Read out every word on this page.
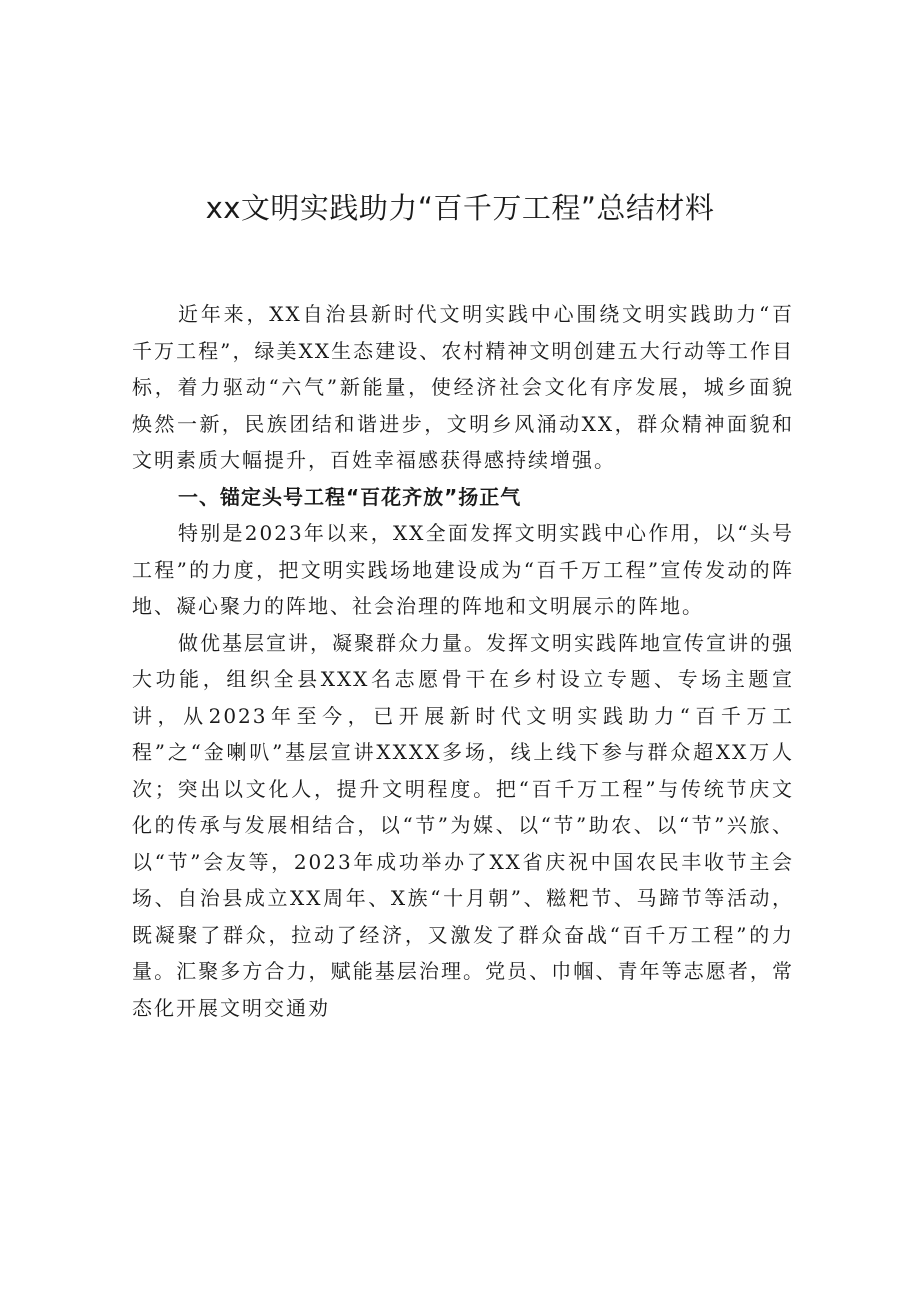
xx文明实践助力“百千万工程”总结材料

近年来，XX自治县新时代文明实践中心围绕文明实践助力“百千万工程”，绿美XX生态建设、农村精神文明创建五大行动等工作目标，着力驱动“六气”新能量，使经济社会文化有序发展，城乡面貌焕然一新，民族团结和谐进步，文明乡风涌动XX，群众精神面貌和文明素质大幅提升，百姓幸福感获得感持续增强。

一、锚定头号工程“百花齐放”扬正气

特别是2023年以来，XX全面发挥文明实践中心作用，以“头号工程”的力度，把文明实践场地建设成为“百千万工程”宣传发动的阵地、凝心聚力的阵地、社会治理的阵地和文明展示的阵地。

做优基层宣讲，凝聚群众力量。发挥文明实践阵地宣传宣讲的强大功能，组织全县XXX名志愿骨干在乡村设立专题、专场主题宣讲，从2023年至今，已开展新时代文明实践助力“百千万工程”之“金喇叭”基层宣讲XXXX多场，线上线下参与群众超XX万人次；突出以文化人，提升文明程度。把“百千万工程”与传统节庆文化的传承与发展相结合，以“节”为媒、以“节”助农、以“节”兴旅、以“节”会友等，2023年成功举办了XX省庆祝中国农民丰收节主会场、自治县成立XX周年、X族“十月朝”、糍粑节、马蹄节等活动，既凝聚了群众，拉动了经济，又激发了群众奋战“百千万工程”的力量。汇聚多方合力，赋能基层治理。党员、巾帼、青年等志愿者，常态化开展文明交通劝
